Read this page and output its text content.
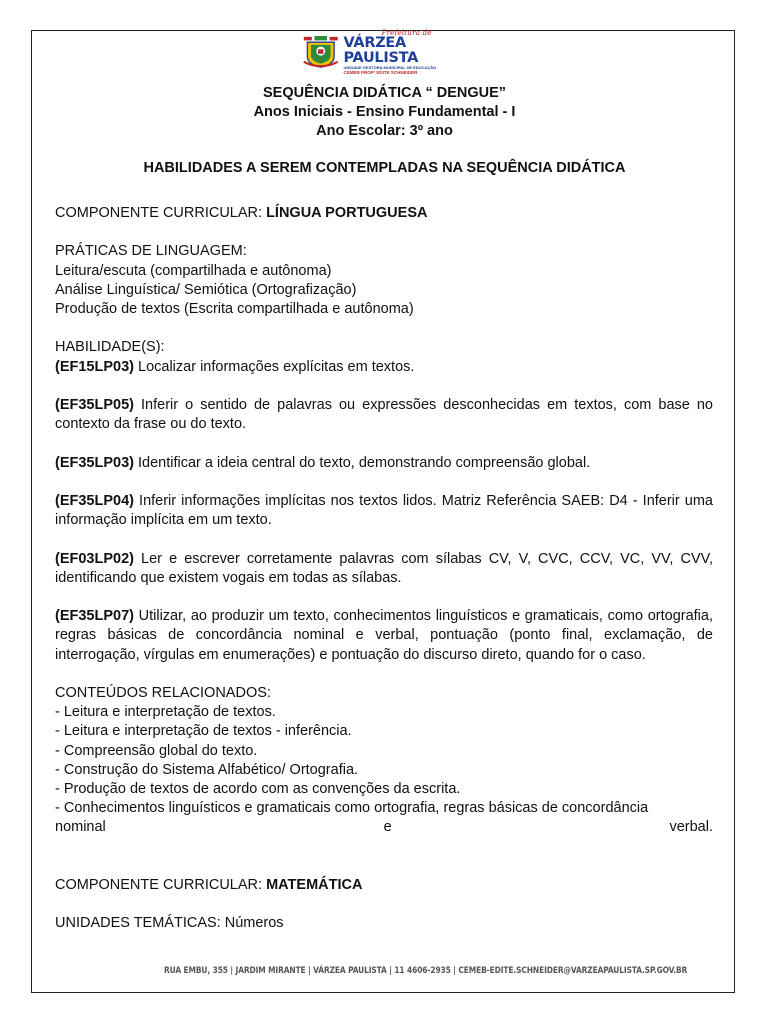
Prefeitura de
VÁRZEA PAULISTA
UNIDADE GESTORA MUNICIPAL DE EDUCAÇÃO
CEMEB PROFª EDITE SCHNEIDER
SEQUÊNCIA DIDÁTICA “ DENGUE”
Anos Iniciais - Ensino Fundamental - I
Ano Escolar: 3º ano
HABILIDADES A SEREM CONTEMPLADAS NA SEQUÊNCIA DIDÁTICA

COMPONENTE CURRICULAR: LÍNGUA PORTUGUESA

PRÁTICAS DE LINGUAGEM:

Leitura/escuta (compartilhada e autônoma)

Análise Linguística/ Semiótica (Ortografização)

Produção de textos (Escrita compartilhada e autônoma)

HABILIDADE(S):

(EF15LP03) Localizar informações explícitas em textos.

(EF35LP05) Inferir o sentido de palavras ou expressões desconhecidas em textos, com base no contexto da frase ou do texto.

(EF35LP03) Identificar a ideia central do texto, demonstrando compreensão global.

(EF35LP04) Inferir informações implícitas nos textos lidos. Matriz Referência SAEB: D4 - Inferir uma informação implícita em um texto.

(EF03LP02) Ler e escrever corretamente palavras com sílabas CV, V, CVC, CCV, VC, VV, CVV, identificando que existem vogais em todas as sílabas.

(EF35LP07) Utilizar, ao produzir um texto, conhecimentos linguísticos e gramaticais, como ortografia, regras básicas de concordância nominal e verbal, pontuação (ponto final, exclamação, de interrogação, vírgulas em enumerações) e pontuação do discurso direto, quando for o caso.

CONTEÚDOS RELACIONADOS:

- Leitura e interpretação de textos.

- Leitura e interpretação de textos - inferência.

- Compreensão global do texto.

- Construção do Sistema Alfabético/ Ortografia.

- Produção de textos de acordo com as convenções da escrita.

- Conhecimentos linguísticos e gramaticais como ortografia, regras básicas de concordância

nominal	e	verbal.

COMPONENTE CURRICULAR: MATEMÁTICA

UNIDADES TEMÁTICAS: Números

RUA EMBU, 355 | JARDIM MIRANTE | VÁRZEA PAULISTA | 11 4606-2935 | CEMEB-EDITE.SCHNEIDER@VARZEAPAULISTA.SP.GOV.BR
